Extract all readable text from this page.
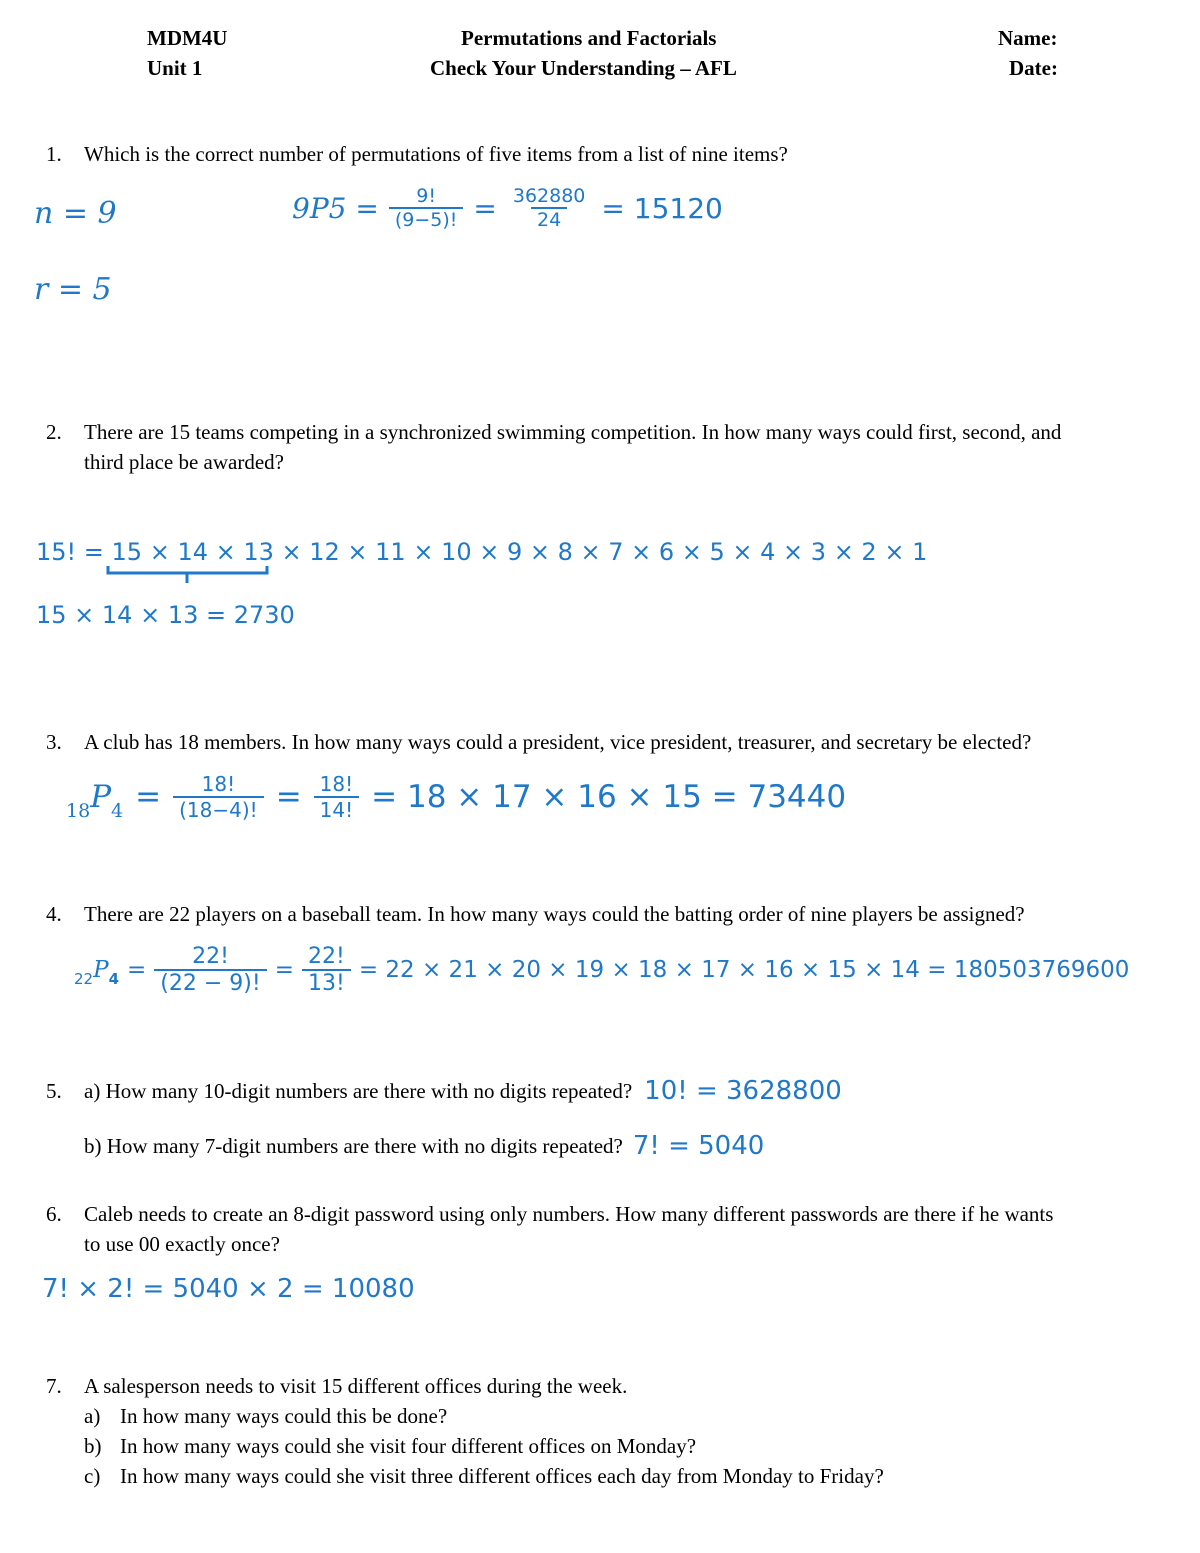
MDM4U
Unit 1
Permutations and Factorials
Check Your Understanding – AFL
Name:
Date:
1. Which is the correct number of permutations of five items from a list of nine items?
n = 9
r = 5
$9P5 = \frac{9!}{(9-5)!} = \frac{362880}{24} = 15120$
2. There are 15 teams competing in a synchronized swimming competition. In how many ways could first, second, and
third place be awarded?
15! = 15 × 14 × 13 × 12 × 11 × 10 × 9 × 8 × 7 × 6 × 5 × 4 × 3 × 2 × 1
15 × 14 × 13 = 2730
3. A club has 18 members. In how many ways could a president, vice president, treasurer, and secretary be elected?
18 P $4 = \frac{18!}{(18-4)!} = \frac{18!}{14!} = 18 \times 17 \times 16 \times 15 = 73440$
4. There are 22 players on a baseball team. In how many ways could the batting order of nine players be assigned?
22 P $4 = \frac{22!}{(22 - 9)!} = \frac{22!}{13!} = 22 \times 21 \times 20 \times 19 \times 18 \times 17 \times 16 \times 15 \times 14 = 180503769600$
5. a) How many 10-digit numbers are there with no digits repeated? 10! = 3628800
b) How many 7-digit numbers are there with no digits repeated? 7! = 5040
6. Caleb needs to create an 8-digit password using only numbers. How many different passwords are there if he wants
to use 00 exactly once?
7! × 2! = 5040 × 2 = 10080
7. A salesperson needs to visit 15 different offices during the week.
a) In how many ways could this be done?
b) In how many ways could she visit four different offices on Monday?
c) In how many ways could she visit three different offices each day from Monday to Friday?
